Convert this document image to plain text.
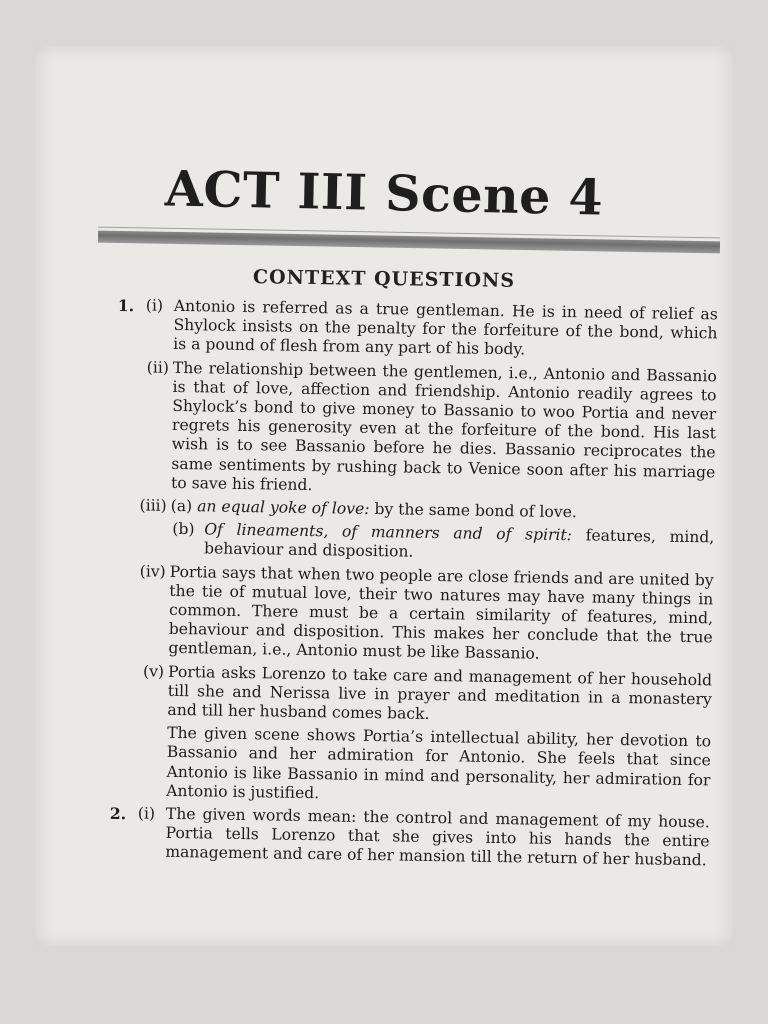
ACT III Scene 4
CONTEXT QUESTIONS
1. (i) Antonio is referred as a true gentleman. He is in need of relief as Shylock insists on the penalty for the forfeiture of the bond, which is a pound of flesh from any part of his body.
(ii) The relationship between the gentlemen, i.e., Antonio and Bassanio is that of love, affection and friendship. Antonio readily agrees to Shylock’s bond to give money to Bassanio to woo Portia and never regrets his generosity even at the forfeiture of the bond. His last wish is to see Bassanio before he dies. Bassanio reciprocates the same sentiments by rushing back to Venice soon after his marriage to save his friend.
(iii) (a) an equal yoke of love: by the same bond of love.
(b) Of lineaments, of manners and of spirit: features, mind, behaviour and disposition.
(iv) Portia says that when two people are close friends and are united by the tie of mutual love, their two natures may have many things in common. There must be a certain similarity of features, mind, behaviour and disposition. This makes her conclude that the true gentleman, i.e., Antonio must be like Bassanio.
(v) Portia asks Lorenzo to take care and management of her household till she and Nerissa live in prayer and meditation in a monastery and till her husband comes back.
The given scene shows Portia’s intellectual ability, her devotion to Bassanio and her admiration for Antonio. She feels that since Antonio is like Bassanio in mind and personality, her admiration for Antonio is justified.
2. (i) The given words mean: the control and management of my house. Portia tells Lorenzo that she gives into his hands the entire management and care of her mansion till the return of her husband.
